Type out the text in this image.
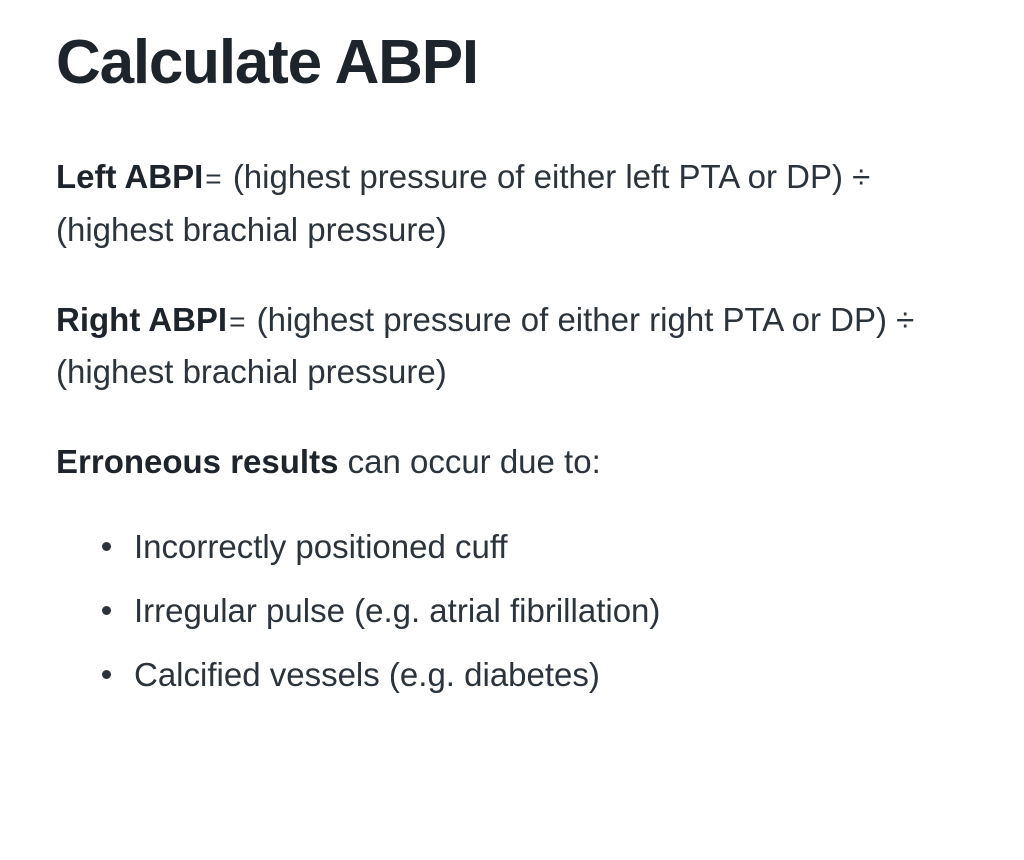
Calculate ABPI

Left ABPI= (highest pressure of either left PTA or DP) ÷ (highest brachial pressure)

Right ABPI= (highest pressure of either right PTA or DP) ÷ (highest brachial pressure)

Erroneous results can occur due to:

Incorrectly positioned cuff
Irregular pulse (e.g. atrial fibrillation)
Calcified vessels (e.g. diabetes)
